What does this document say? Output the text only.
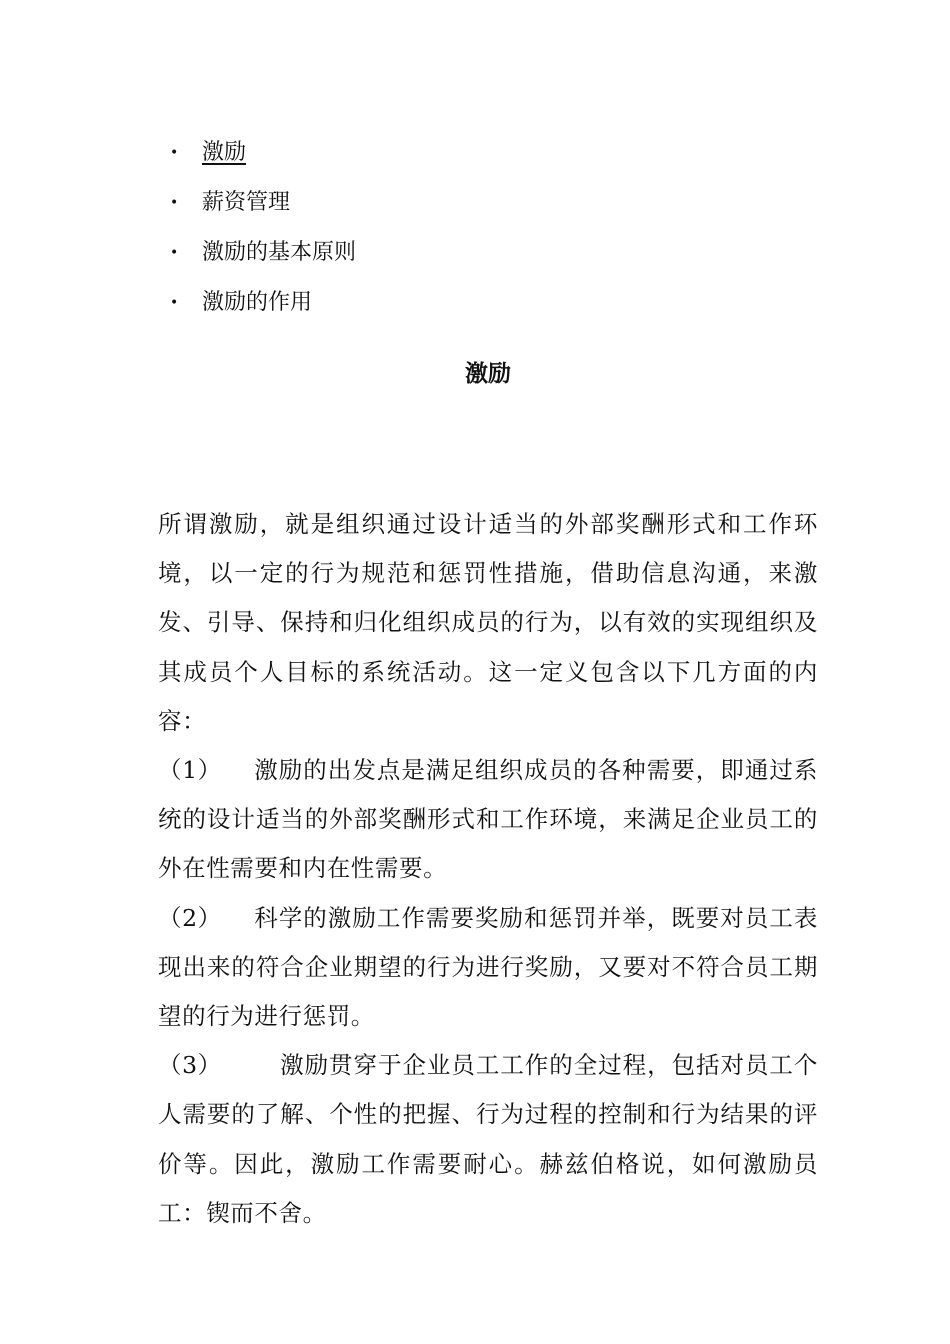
• 激励
• 薪资管理
• 激励的基本原则
• 激励的作用
激励

所谓激励，就是组织通过设计适当的外部奖酬形式和工作环境，以一定的行为规范和惩罚性措施，借助信息沟通，来激发、引导、保持和归化组织成员的行为，以有效的实现组织及其成员个人目标的系统活动。这一定义包含以下几方面的内容：

（1） 激励的出发点是满足组织成员的各种需要，即通过系统的设计适当的外部奖酬形式和工作环境，来满足企业员工的外在性需要和内在性需要。

（2） 科学的激励工作需要奖励和惩罚并举，既要对员工表现出来的符合企业期望的行为进行奖励，又要对不符合员工期望的行为进行惩罚。

（3） 激励贯穿于企业员工工作的全过程，包括对员工个人需要的了解、个性的把握、行为过程的控制和行为结果的评价等。因此，激励工作需要耐心。赫兹伯格说，如何激励员工：锲而不舍。
